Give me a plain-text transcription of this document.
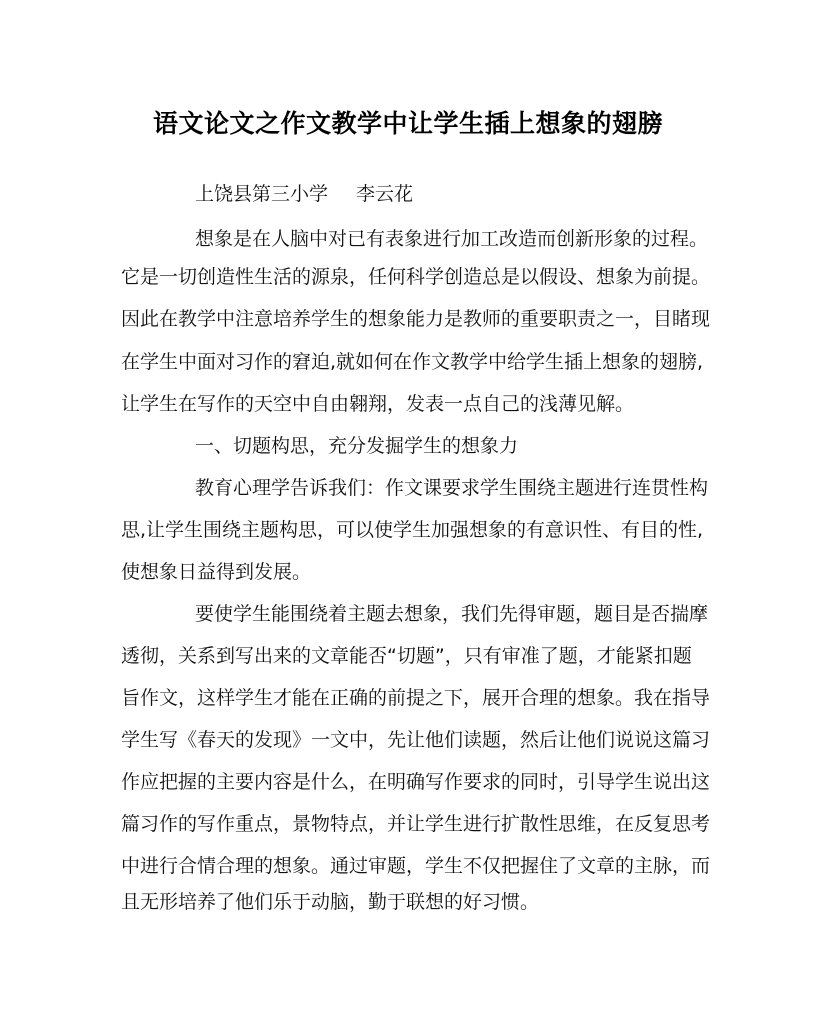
语文论文之作文教学中让学生插上想象的翅膀
上饶县第三小学 李云花
想象是在人脑中对已有表象进行加工改造而创新形象的过程。
它是一切创造性生活的源泉，任何科学创造总是以假设、想象为前提。
因此在教学中注意培养学生的想象能力是教师的重要职责之一，目睹现
在学生中面对习作的窘迫,就如何在作文教学中给学生插上想象的翅膀,
让学生在写作的天空中自由翱翔，发表一点自己的浅薄见解。
一、切题构思，充分发掘学生的想象力
教育心理学告诉我们：作文课要求学生围绕主题进行连贯性构
思,让学生围绕主题构思，可以使学生加强想象的有意识性、有目的性,
使想象日益得到发展。
要使学生能围绕着主题去想象，我们先得审题，题目是否揣摩
透彻，关系到写出来的文章能否“切题”，只有审准了题，才能紧扣题
旨作文，这样学生才能在正确的前提之下，展开合理的想象。我在指导
学生写《春天的发现》一文中，先让他们读题，然后让他们说说这篇习
作应把握的主要内容是什么，在明确写作要求的同时，引导学生说出这
篇习作的写作重点，景物特点，并让学生进行扩散性思维，在反复思考
中进行合情合理的想象。通过审题，学生不仅把握住了文章的主脉，而
且无形培养了他们乐于动脑，勤于联想的好习惯。
